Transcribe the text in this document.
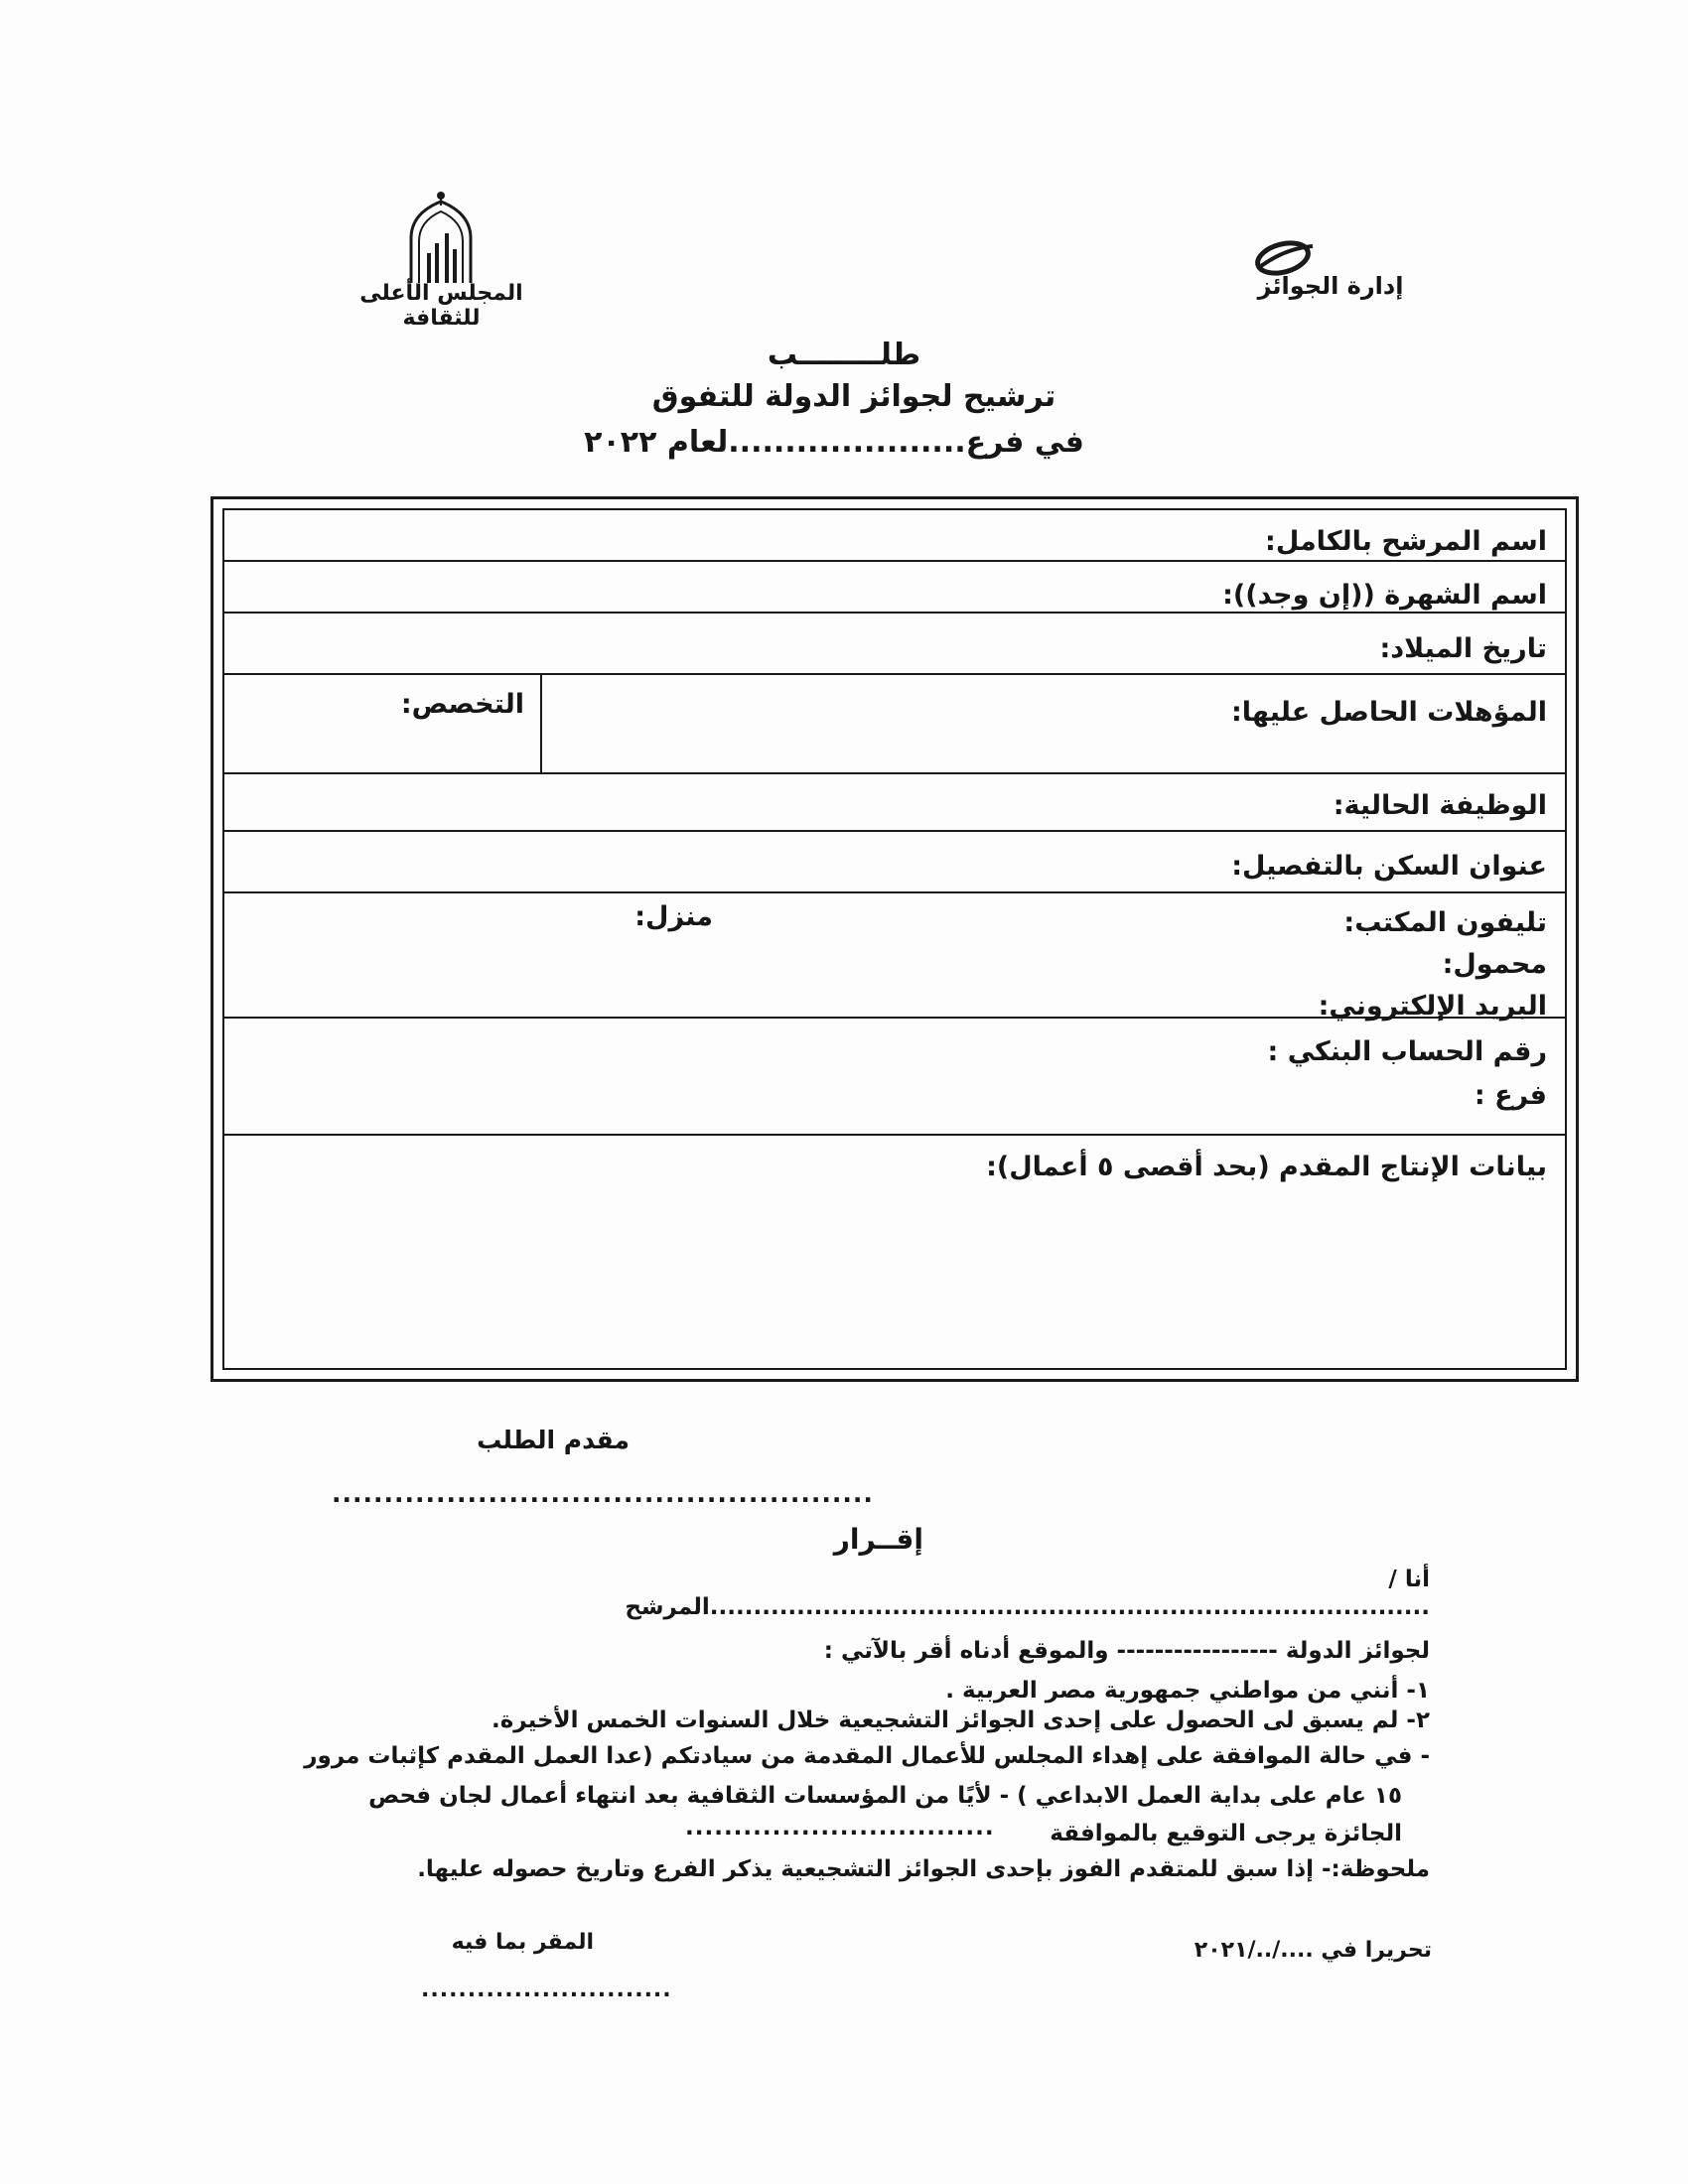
المجلس الأعلى للثقافة
إدارة الجوائز
طلــــــــب
ترشيح لجوائز الدولة للتفوق
في فرع.....................لعام ٢٠٢٢
اسم المرشح بالكامل:
اسم الشهرة ((إن وجد)):
تاريخ الميلاد:
المؤهلات الحاصل عليها:
التخصص:
الوظيفة الحالية:
عنوان السكن بالتفصيل:
تليفون المكتب:
منزل:
محمول:
البريد الإلكتروني:
رقم الحساب البنكي :
فرع :
بيانات الإنتاج المقدم (بحد أقصى ٥ أعمال):
مقدم الطلب
....................................................
إقــرار
أنا /
...................................................................................المرشح
لجوائز الدولة ----------------- والموقع أدناه أقر بالآتي :
١- أنني من مواطني جمهورية مصر العربية .
٢- لم يسبق لى الحصول على إحدى الجوائز التشجيعية خلال السنوات الخمس الأخيرة.
- في حالة الموافقة على إهداء المجلس للأعمال المقدمة من سيادتكم (عدا العمل المقدم كإثبات مرور
١٥ عام على بداية العمل الابداعي ) - لأيًا من المؤسسات الثقافية بعد انتهاء أعمال لجان فحص
الجائزة يرجى التوقيع بالموافقة
................................
ملحوظة:- إذا سبق للمتقدم الفوز بإحدى الجوائز التشجيعية يذكر الفرع وتاريخ حصوله عليها.
تحريرا في ..../../٢٠٢١
المقر بما فيه
...........................
